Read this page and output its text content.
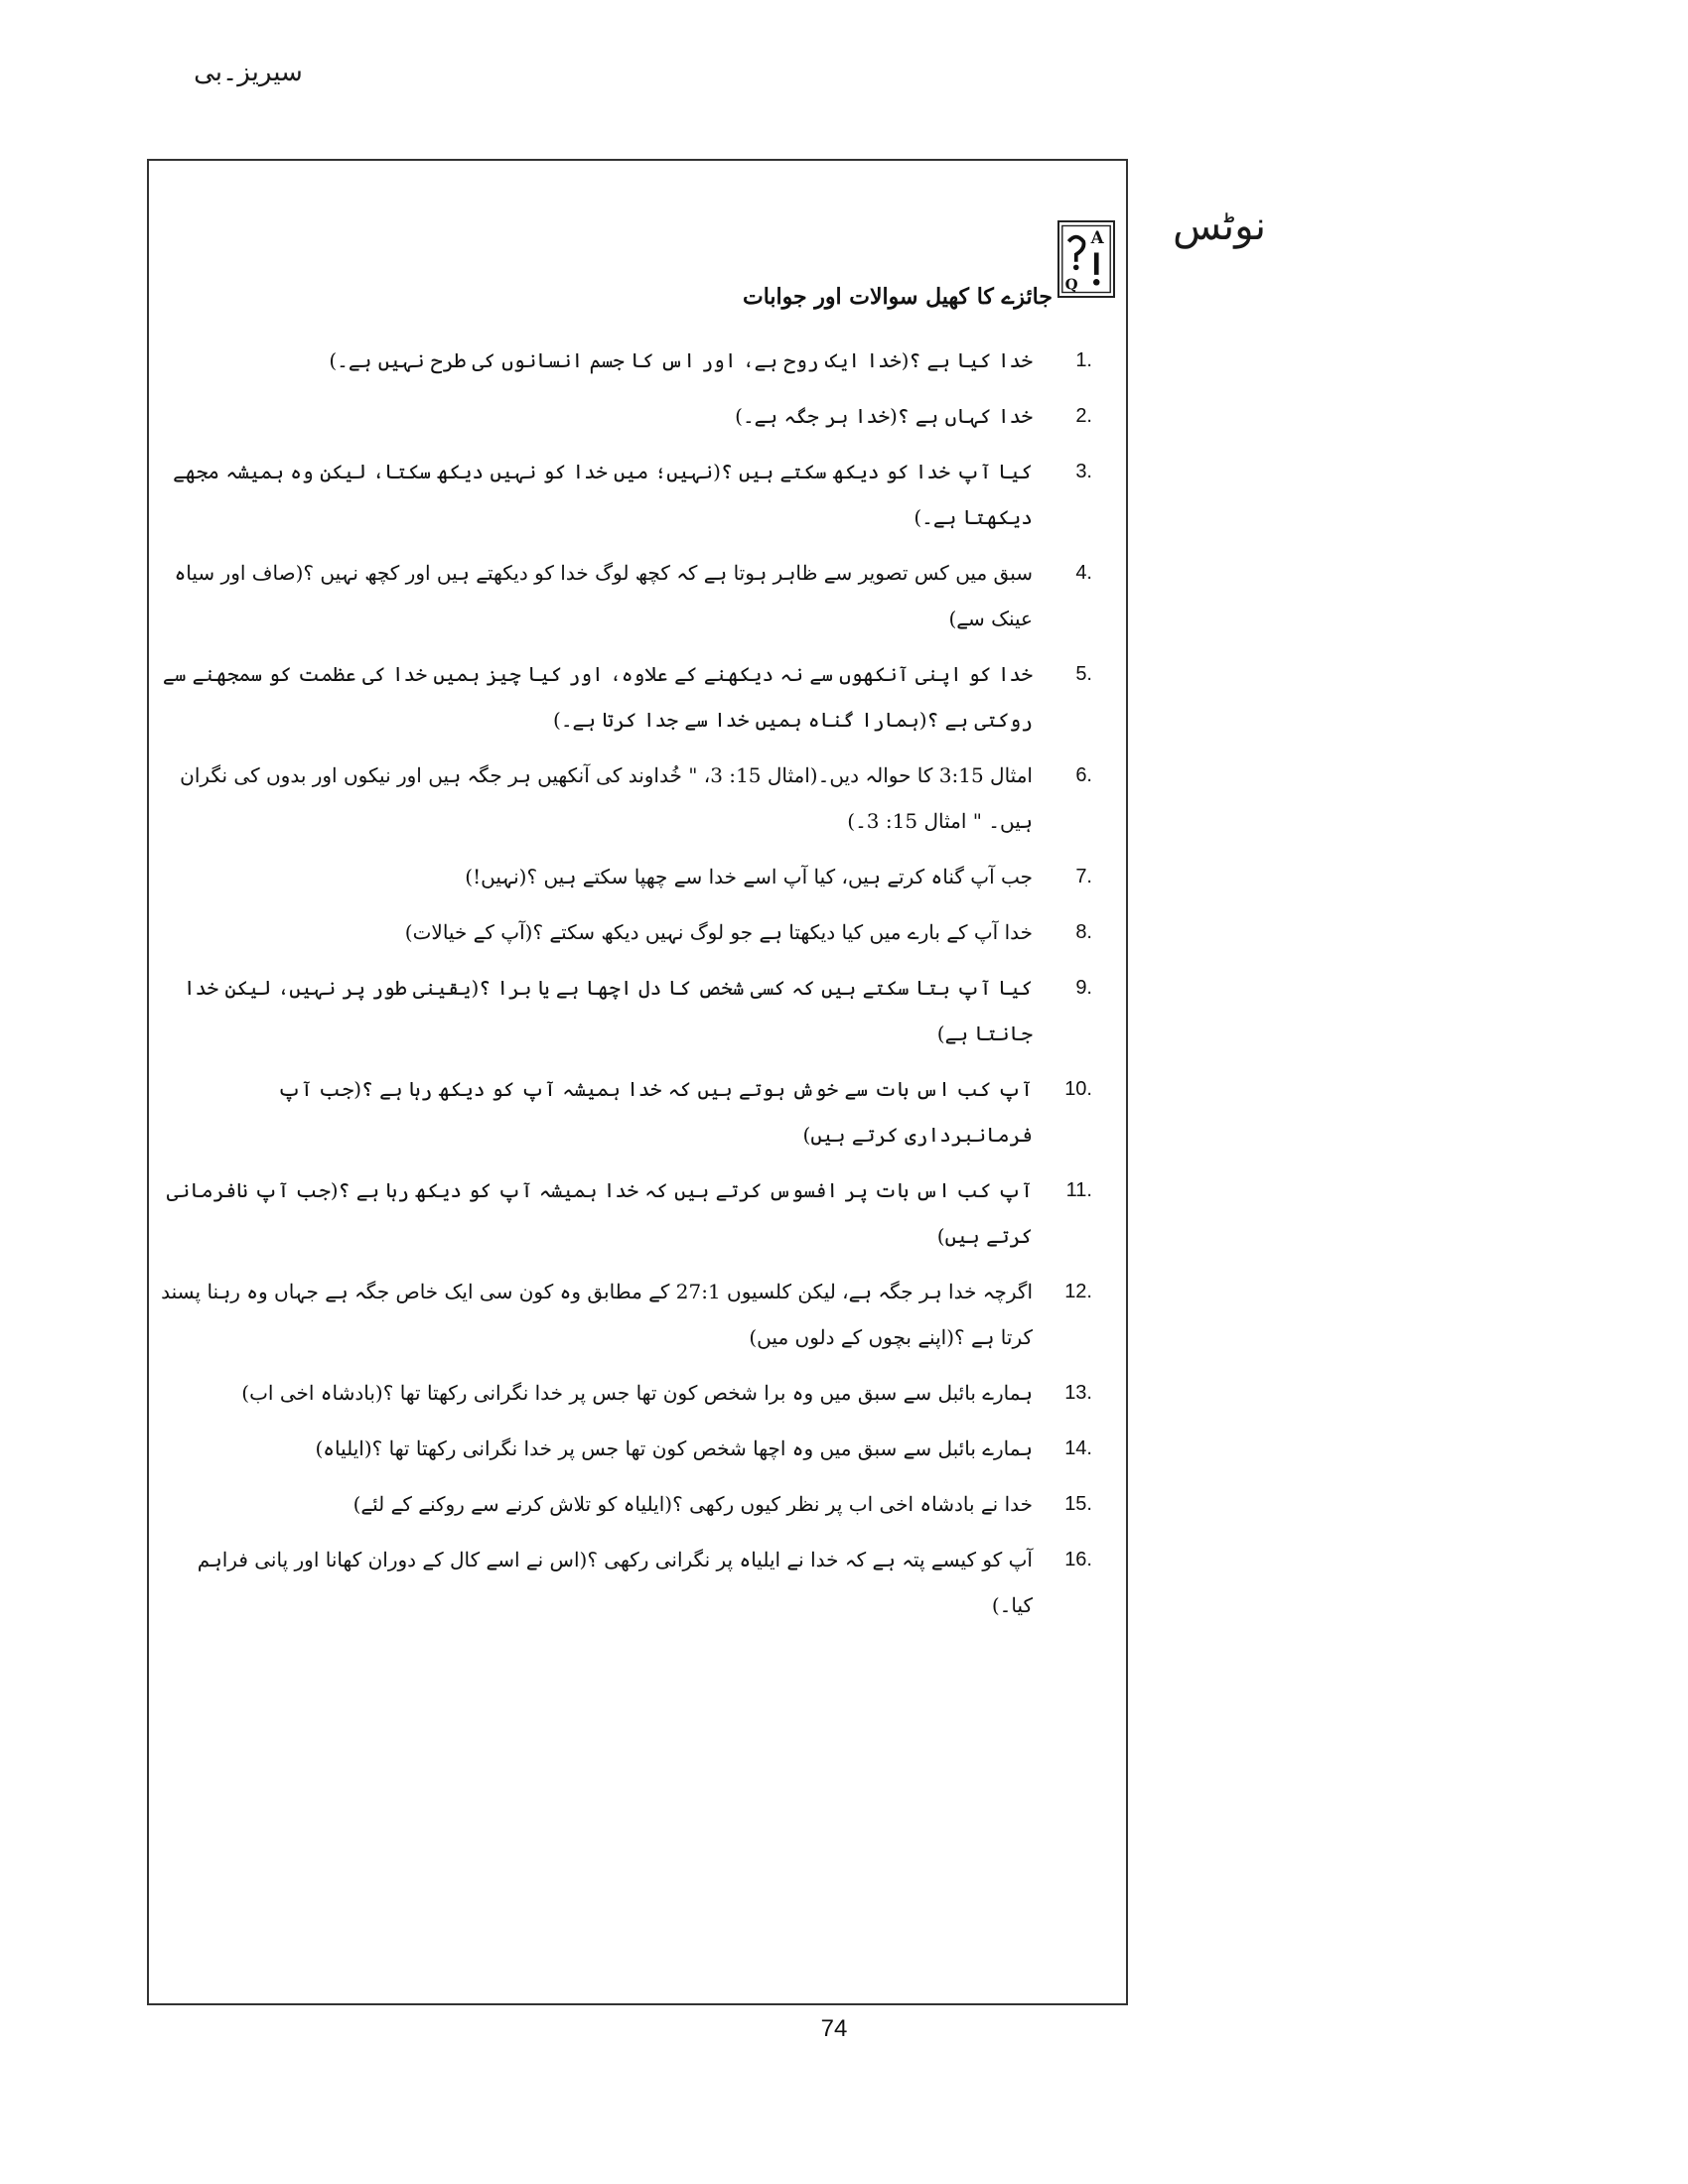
سیریز۔بی
نوٹس
A
Q
جائزے کا کھیل سوالات اور جوابات
1.
خدا کیا ہے ؟(خدا ایک روح ہے، اور اس کا جسم انسانوں کی طرح نہیں ہے۔)
2.
خدا کہاں ہے ؟(خدا ہر جگہ ہے۔)
3.
کیا آپ خدا کو دیکھ سکتے ہیں ؟(نہیں؛ میں خدا کو نہیں دیکھ سکتا، لیکن وہ ہمیشہ مجھے دیکھتا ہے۔)
4.
سبق میں کس تصویر سے ظاہر ہوتا ہے کہ کچھ لوگ خدا کو دیکھتے ہیں اور کچھ نہیں ؟(صاف اور سیاہ عینک سے)
5.
خدا کو اپنی آنکھوں سے نہ دیکھنے کے علاوہ، اور کیا چیز ہمیں خدا کی عظمت کو سمجھنے سے روکتی ہے ؟(ہمارا گناہ ہمیں خدا سے جدا کرتا ہے۔)
6.
امثال 3:15 کا حوالہ دیں۔(امثال 15: 3، " خُداوند کی آنکھیں ہر جگہ ہیں اور نیکوں اور بدوں کی نگران ہیں۔ " امثال 15: 3۔)
7.
جب آپ گناہ کرتے ہیں، کیا آپ اسے خدا سے چھپا سکتے ہیں ؟(نہیں!)
8.
خدا آپ کے بارے میں کیا دیکھتا ہے جو لوگ نہیں دیکھ سکتے ؟(آپ کے خیالات)
9.
کیا آپ بتا سکتے ہیں کہ کسی شخص کا دل اچھا ہے یا برا ؟(یقینی طور پر نہیں، لیکن خدا جانتا ہے)
10.
آپ کب اس بات سے خوش ہوتے ہیں کہ خدا ہمیشہ آپ کو دیکھ رہا ہے ؟(جب آپ فرمانبرداری کرتے ہیں)
11.
آپ کب اس بات پر افسوس کرتے ہیں کہ خدا ہمیشہ آپ کو دیکھ رہا ہے ؟(جب آپ نافرمانی کرتے ہیں)
12.
اگرچہ خدا ہر جگہ ہے، لیکن کلسیوں 27:1 کے مطابق وہ کون سی ایک خاص جگہ ہے جہاں وہ رہنا پسند کرتا ہے ؟(اپنے بچوں کے دلوں میں)
13.
ہمارے بائبل سے سبق میں وہ برا شخص کون تھا جس پر خدا نگرانی رکھتا تھا ؟(بادشاہ اخی اب)
14.
ہمارے بائبل سے سبق میں وہ اچھا شخص کون تھا جس پر خدا نگرانی رکھتا تھا ؟(ایلیاہ)
15.
خدا نے بادشاہ اخی اب پر نظر کیوں رکھی ؟(ایلیاہ کو تلاش کرنے سے روکنے کے لئے)
16.
آپ کو کیسے پتہ ہے کہ خدا نے ایلیاہ پر نگرانی رکھی ؟(اس نے اسے کال کے دوران کھانا اور پانی فراہم کیا۔)
74
